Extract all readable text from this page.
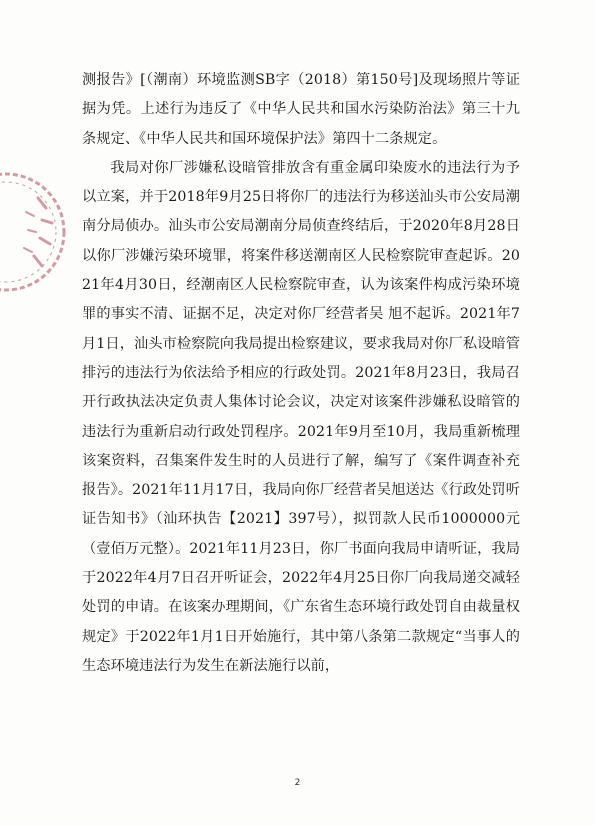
测报告》[（潮南）环境监测SB字（2018）第150号]及现场照片等证据为凭。上述行为违反了《中华人民共和国水污染防治法》第三十九条规定、《中华人民共和国环境保护法》第四十二条规定。

我局对你厂涉嫌私设暗管排放含有重金属印染废水的违法行为予以立案，并于2018年9月25日将你厂的违法行为移送汕头市公安局潮南分局侦办。汕头市公安局潮南分局侦查终结后，于2020年8月28日以你厂涉嫌污染环境罪，将案件移送潮南区人民检察院审查起诉。2021年4月30日，经潮南区人民检察院审查，认为该案件构成污染环境罪的事实不清、证据不足，决定对你厂经营者吴 旭不起诉。2021年7月1日，汕头市检察院向我局提出检察建议，要求我局对你厂私设暗管排污的违法行为依法给予相应的行政处罚。2021年8月23日，我局召开行政执法决定负责人集体讨论会议，决定对该案件涉嫌私设暗管的违法行为重新启动行政处罚程序。2021年9月至10月，我局重新梳理该案资料，召集案件发生时的人员进行了解，编写了《案件调查补充报告》。2021年11月17日，我局向你厂经营者吴旭送达《行政处罚听证告知书》（汕环执告【2021】397号），拟罚款人民币1000000元（壹佰万元整）。2021年11月23日，你厂书面向我局申请听证，我局于2022年4月7日召开听证会，2022年4月25日你厂向我局递交减轻处罚的申请。在该案办理期间，《广东省生态环境行政处罚自由裁量权规定》于2022年1月1日开始施行，其中第八条第二款规定“当事人的生态环境违法行为发生在新法施行以前，

2
